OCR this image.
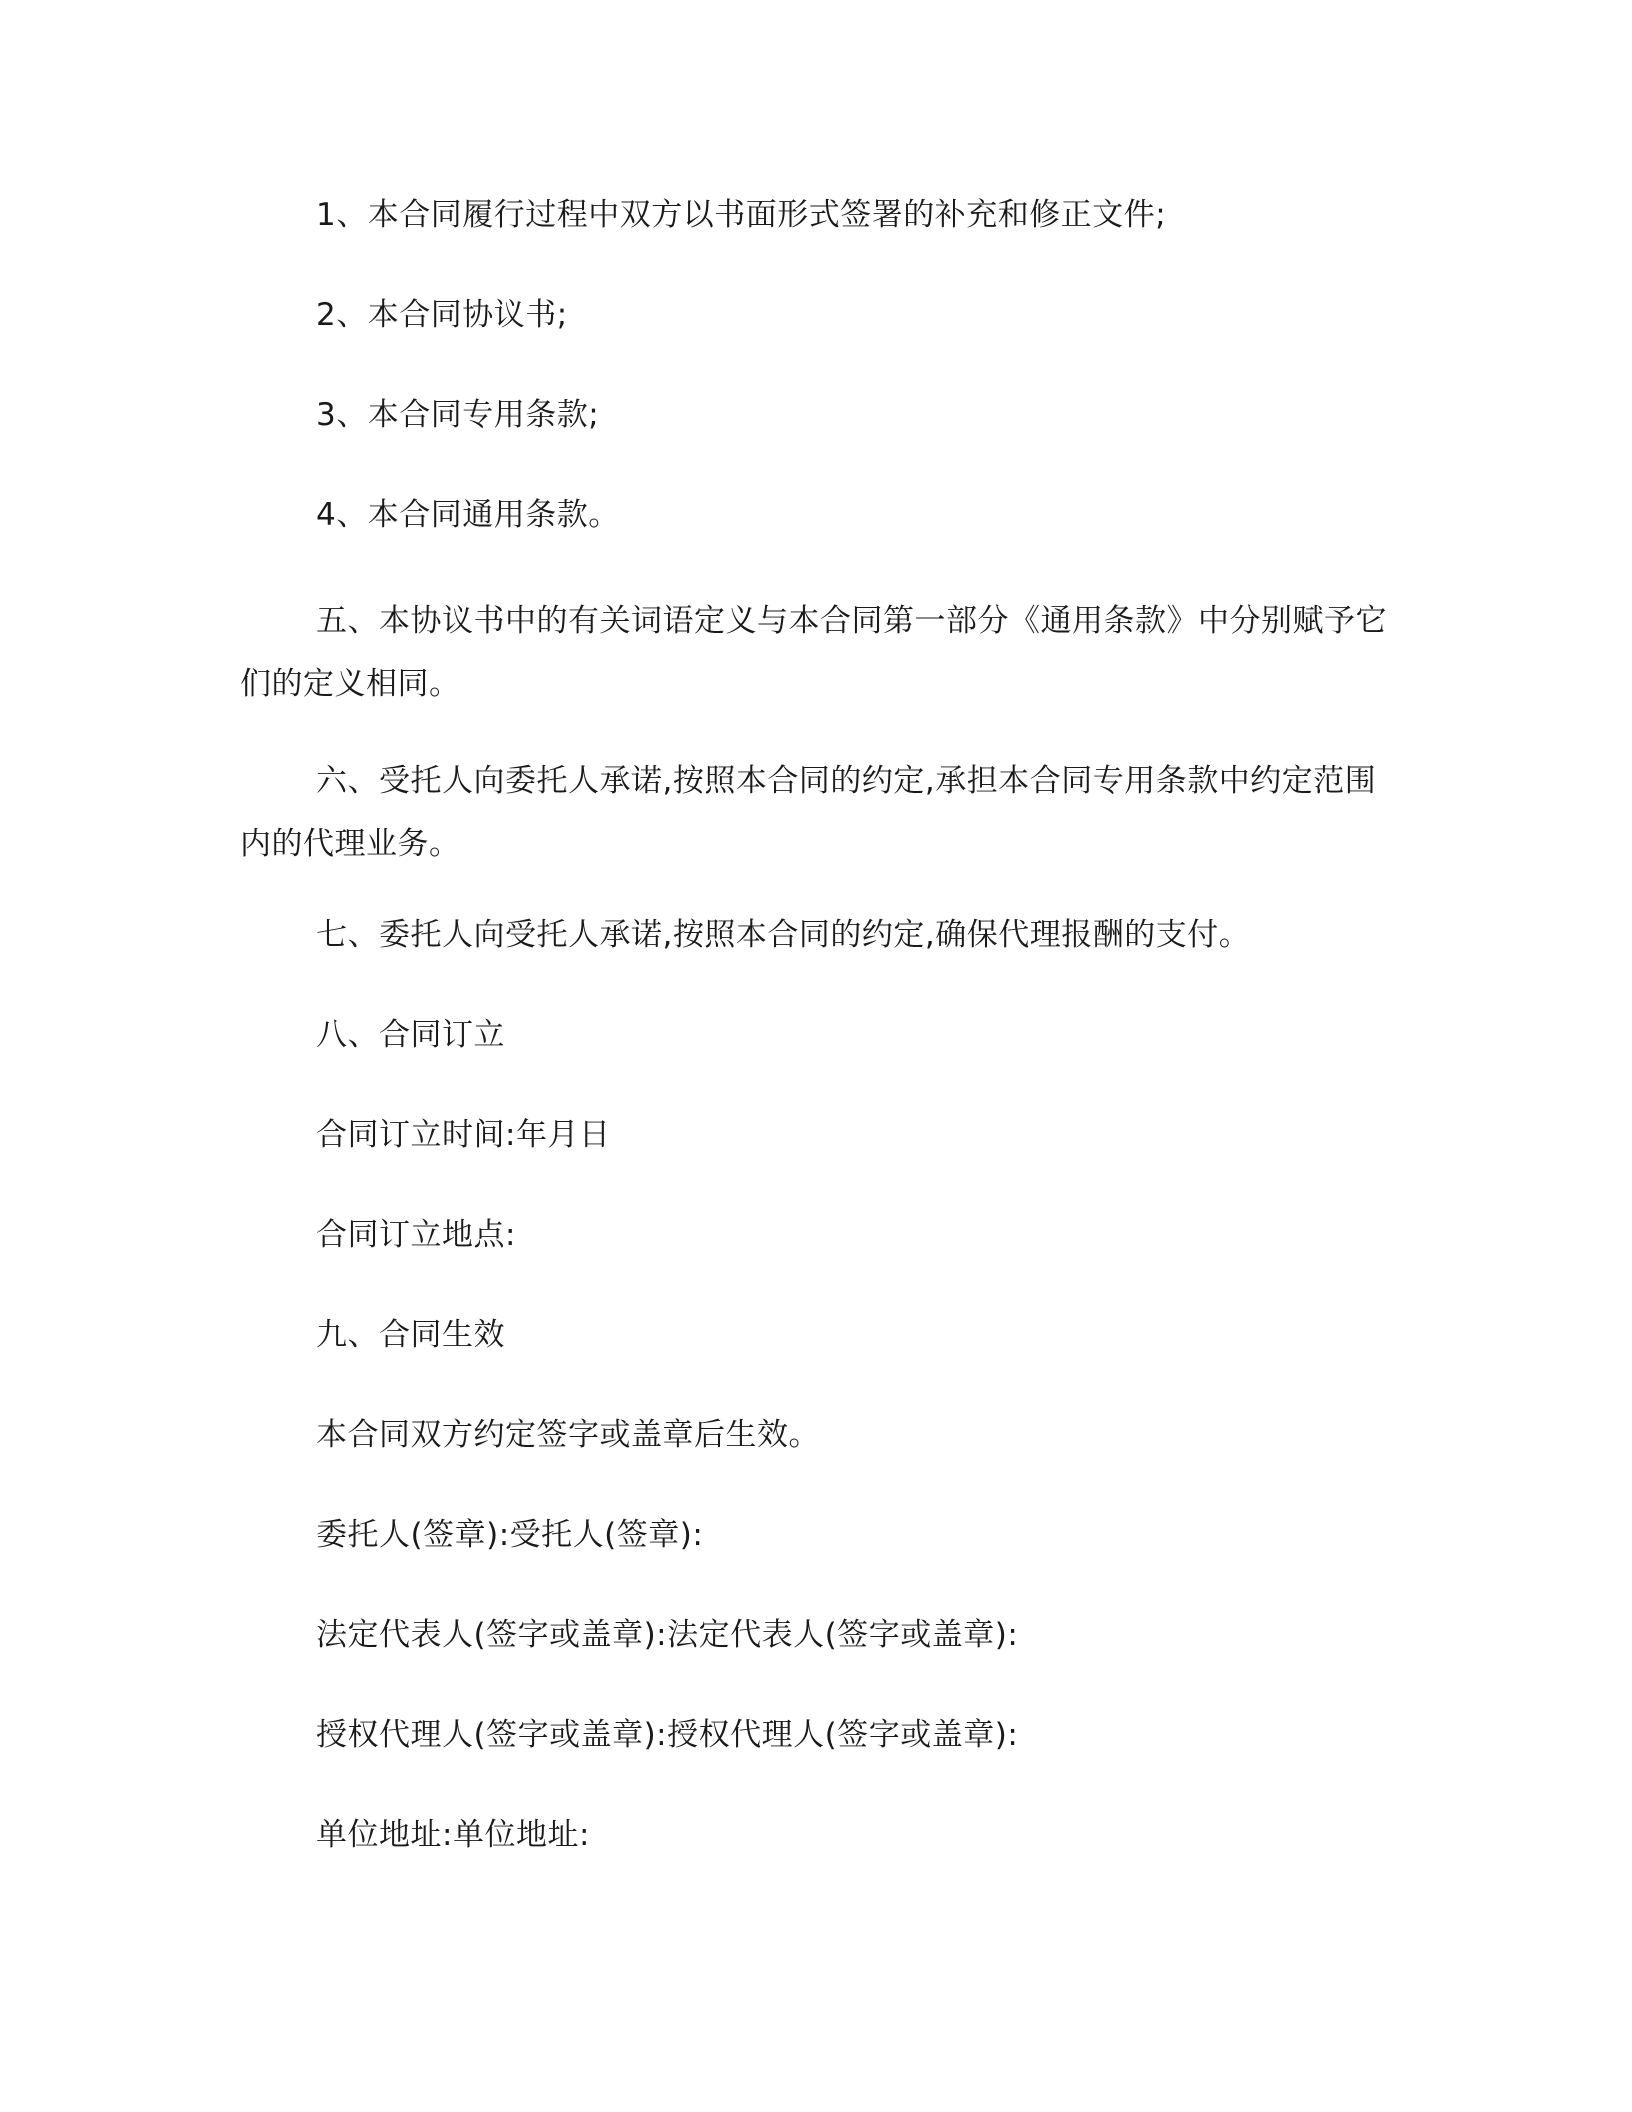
1、本合同履行过程中双方以书面形式签署的补充和修正文件;
2、本合同协议书;
3、本合同专用条款;
4、本合同通用条款。

五、本协议书中的有关词语定义与本合同第一部分《通用条款》中分别赋予它们的定义相同。

六、受托人向委托人承诺,按照本合同的约定,承担本合同专用条款中约定范围内的代理业务。

七、委托人向受托人承诺,按照本合同的约定,确保代理报酬的支付。
八、合同订立
合同订立时间:年月日
合同订立地点:
九、合同生效
本合同双方约定签字或盖章后生效。
委托人(签章):受托人(签章):
法定代表人(签字或盖章):法定代表人(签字或盖章):
授权代理人(签字或盖章):授权代理人(签字或盖章):
单位地址:单位地址:
